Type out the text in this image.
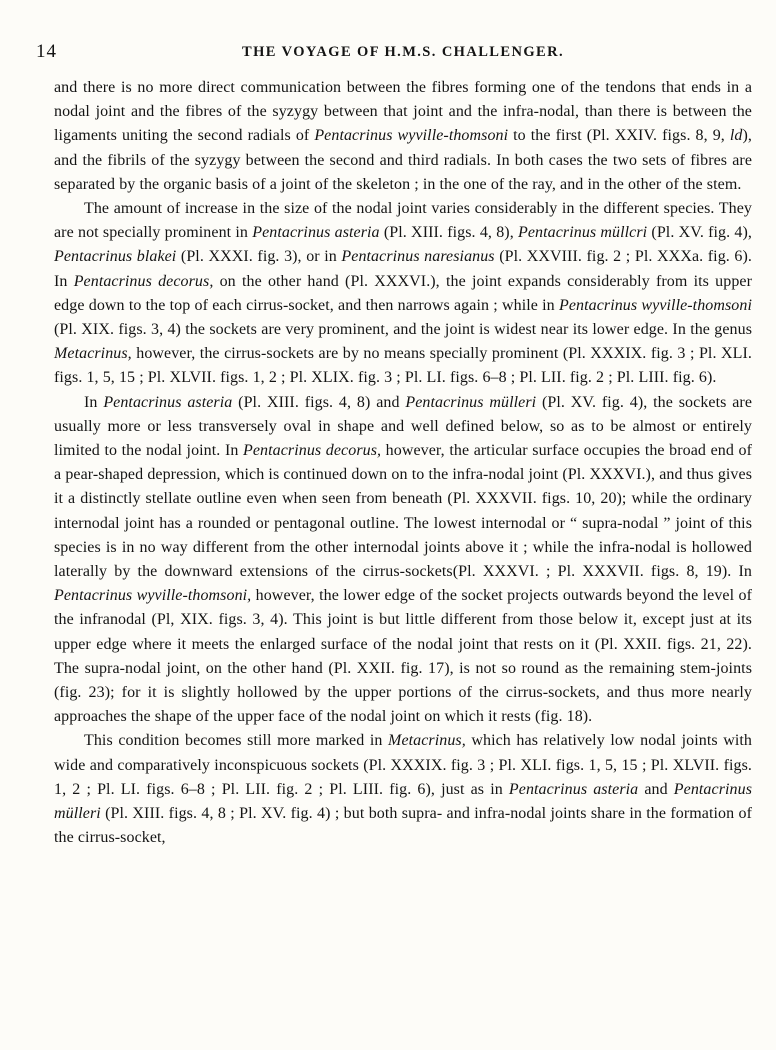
14	THE VOYAGE OF H.M.S. CHALLENGER.

and there is no more direct communication between the fibres forming one of the tendons that ends in a nodal joint and the fibres of the syzygy between that joint and the infra-nodal, than there is between the ligaments uniting the second radials of Pentacrinus wyville-thomsoni to the first (Pl. XXIV. figs. 8, 9, ld), and the fibrils of the syzygy between the second and third radials. In both cases the two sets of fibres are separated by the organic basis of a joint of the skeleton ; in the one of the ray, and in the other of the stem.

The amount of increase in the size of the nodal joint varies considerably in the different species. They are not specially prominent in Pentacrinus asteria (Pl. XIII. figs. 4, 8), Pentacrinus müllcri (Pl. XV. fig. 4), Pentacrinus blakei (Pl. XXXI. fig. 3), or in Pentacrinus naresianus (Pl. XXVIII. fig. 2 ; Pl. XXXa. fig. 6). In Pentacrinus decorus, on the other hand (Pl. XXXVI.), the joint expands considerably from its upper edge down to the top of each cirrus-socket, and then narrows again ; while in Pentacrinus wyville-thomsoni (Pl. XIX. figs. 3, 4) the sockets are very prominent, and the joint is widest near its lower edge. In the genus Metacrinus, however, the cirrus-sockets are by no means specially prominent (Pl. XXXIX. fig. 3 ; Pl. XLI. figs. 1, 5, 15 ; Pl. XLVII. figs. 1, 2 ; Pl. XLIX. fig. 3 ; Pl. LI. figs. 6–8 ; Pl. LII. fig. 2 ; Pl. LIII. fig. 6).

In Pentacrinus asteria (Pl. XIII. figs. 4, 8) and Pentacrinus mülleri (Pl. XV. fig. 4), the sockets are usually more or less transversely oval in shape and well defined below, so as to be almost or entirely limited to the nodal joint. In Pentacrinus decorus, however, the articular surface occupies the broad end of a pear-shaped depression, which is continued down on to the infra-nodal joint (Pl. XXXVI.), and thus gives it a distinctly stellate outline even when seen from beneath (Pl. XXXVII. figs. 10, 20); while the ordinary internodal joint has a rounded or pentagonal outline. The lowest internodal or “ supra-nodal ” joint of this species is in no way different from the other internodal joints above it ; while the infra-nodal is hollowed laterally by the downward extensions of the cirrus-sockets(Pl. XXXVI. ; Pl. XXXVII. figs. 8, 19). In Pentacrinus wyville-thomsoni, however, the lower edge of the socket projects outwards beyond the level of the infranodal (Pl, XIX. figs. 3, 4). This joint is but little different from those below it, except just at its upper edge where it meets the enlarged surface of the nodal joint that rests on it (Pl. XXII. figs. 21, 22). The supra-nodal joint, on the other hand (Pl. XXII. fig. 17), is not so round as the remaining stem-joints (fig. 23); for it is slightly hollowed by the upper portions of the cirrus-sockets, and thus more nearly approaches the shape of the upper face of the nodal joint on which it rests (fig. 18).

This condition becomes still more marked in Metacrinus, which has relatively low nodal joints with wide and comparatively inconspicuous sockets (Pl. XXXIX. fig. 3 ; Pl. XLI. figs. 1, 5, 15 ; Pl. XLVII. figs. 1, 2 ; Pl. LI. figs. 6–8 ; Pl. LII. fig. 2 ; Pl. LIII. fig. 6), just as in Pentacrinus asteria and Pentacrinus mülleri (Pl. XIII. figs. 4, 8 ; Pl. XV. fig. 4) ; but both supra- and infra-nodal joints share in the formation of the cirrus-socket,
